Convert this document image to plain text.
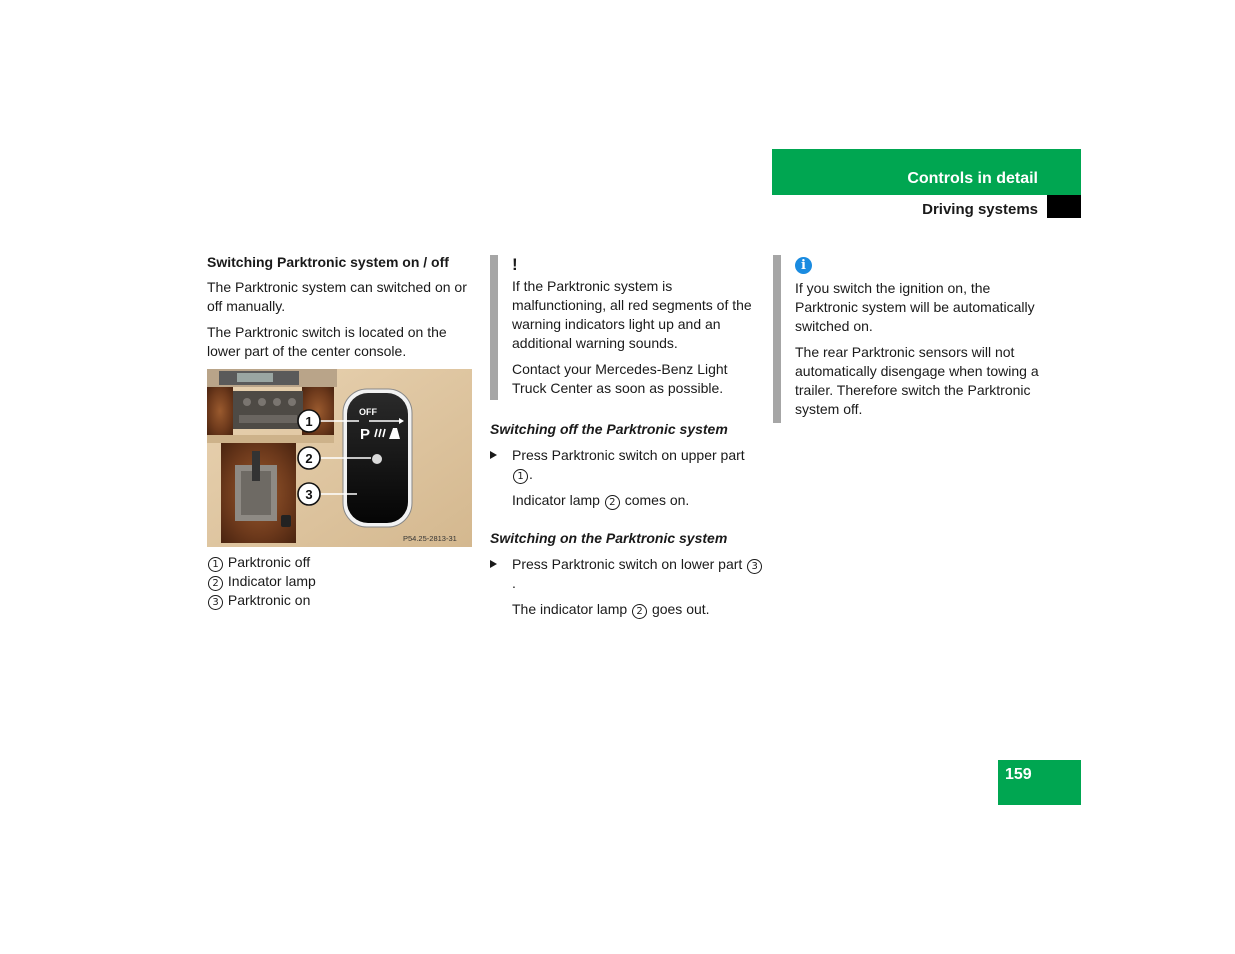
Controls in detail
Driving systems

Switching Parktronic system on / off

The Parktronic system can switched on or off manually.

The Parktronic switch is located on the lower part of the center console.

OFF
P
1
2
3
P54.25-2813-31

1 Parktronic off

2 Indicator lamp

3 Parktronic on

!

If the Parktronic system is malfunctioning, all red segments of the warning indicators light up and an additional warning sounds.

Contact your Mercedes-Benz Light Truck Center as soon as possible.

Switching off the Parktronic system

Press Parktronic switch on upper part 1 .

Indicator lamp 2 comes on.

Switching on the Parktronic system

Press Parktronic switch on lower part 3.

The indicator lamp 2 goes out.

i

If you switch the ignition on, the Parktronic system will be automatically switched on.

The rear Parktronic sensors will not automatically disengage when towing a trailer. Therefore switch the Parktronic system off.

159
